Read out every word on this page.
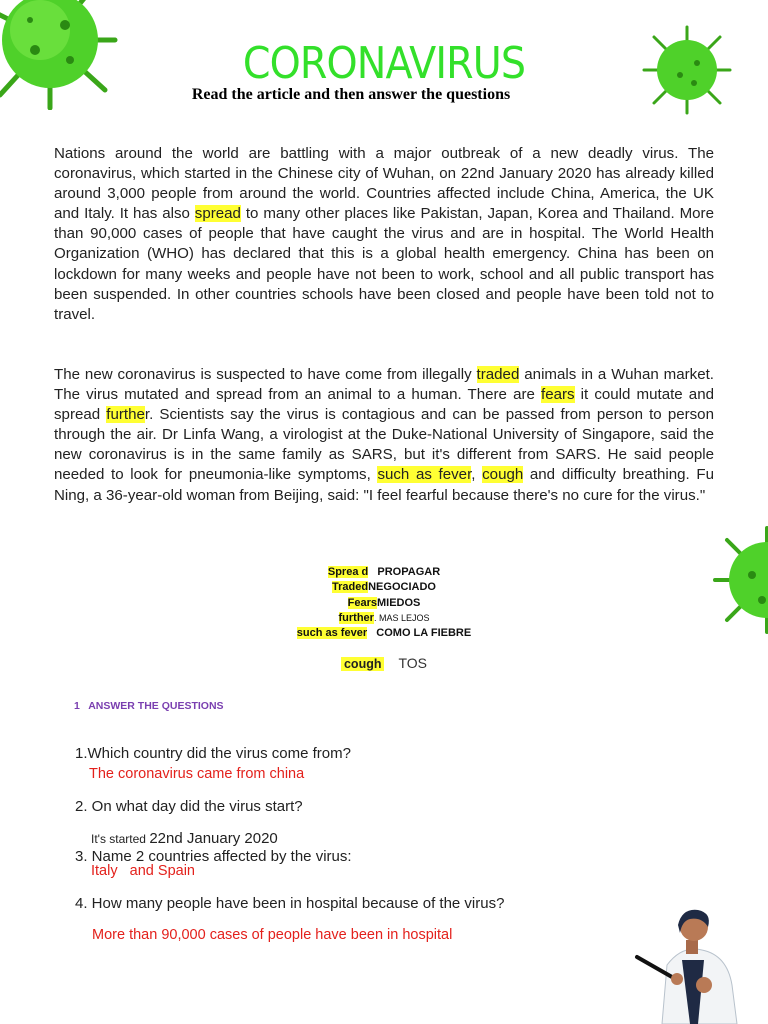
CORONAVIRUS
Read the article and then answer the questions
Nations around the world are battling with a major outbreak of a new deadly virus. The coronavirus, which started in the Chinese city of Wuhan, on 22nd January 2020 has already killed around 3,000 people from around the world. Countries affected include China, America, the UK and Italy. It has also spread to many other places like Pakistan, Japan, Korea and Thailand. More than 90,000 cases of people that have caught the virus and are in hospital. The World Health Organization (WHO) has declared that this is a global health emergency. China has been on lockdown for many weeks and people have not been to work, school and all public transport has been suspended. In other countries schools have been closed and people have been told not to travel.
The new coronavirus is suspected to have come from illegally traded animals in a Wuhan market. The virus mutated and spread from an animal to a human. There are fears it could mutate and spread further. Scientists say the virus is contagious and can be passed from person to person through the air. Dr Linfa Wang, a virologist at the Duke-National University of Singapore, said the new coronavirus is in the same family as SARS, but it's different from SARS. He said people needed to look for pneumonia-like symptoms, such as fever, cough and difficulty breathing. Fu Ning, a 36-year-old woman from Beijing, said: "I feel fearful because there's no cure for the virus."
Sprea d PROPAGAR
TradedNEGOCIADO
FearsMIEDOS
further. MAS LEJOS
such as fever COMO LA FIEBRE
cough TOS
1   ANSWER THE QUESTIONS
1.Which country did the virus come from?
The coronavirus came from china
2. On what day did the virus start?
It's started 22nd January 2020
3. Name 2 countries affected by the virus:
Italy   and Spain
4. How many people have been in hospital because of the virus?
More than 90,000 cases of people have been in hospital
